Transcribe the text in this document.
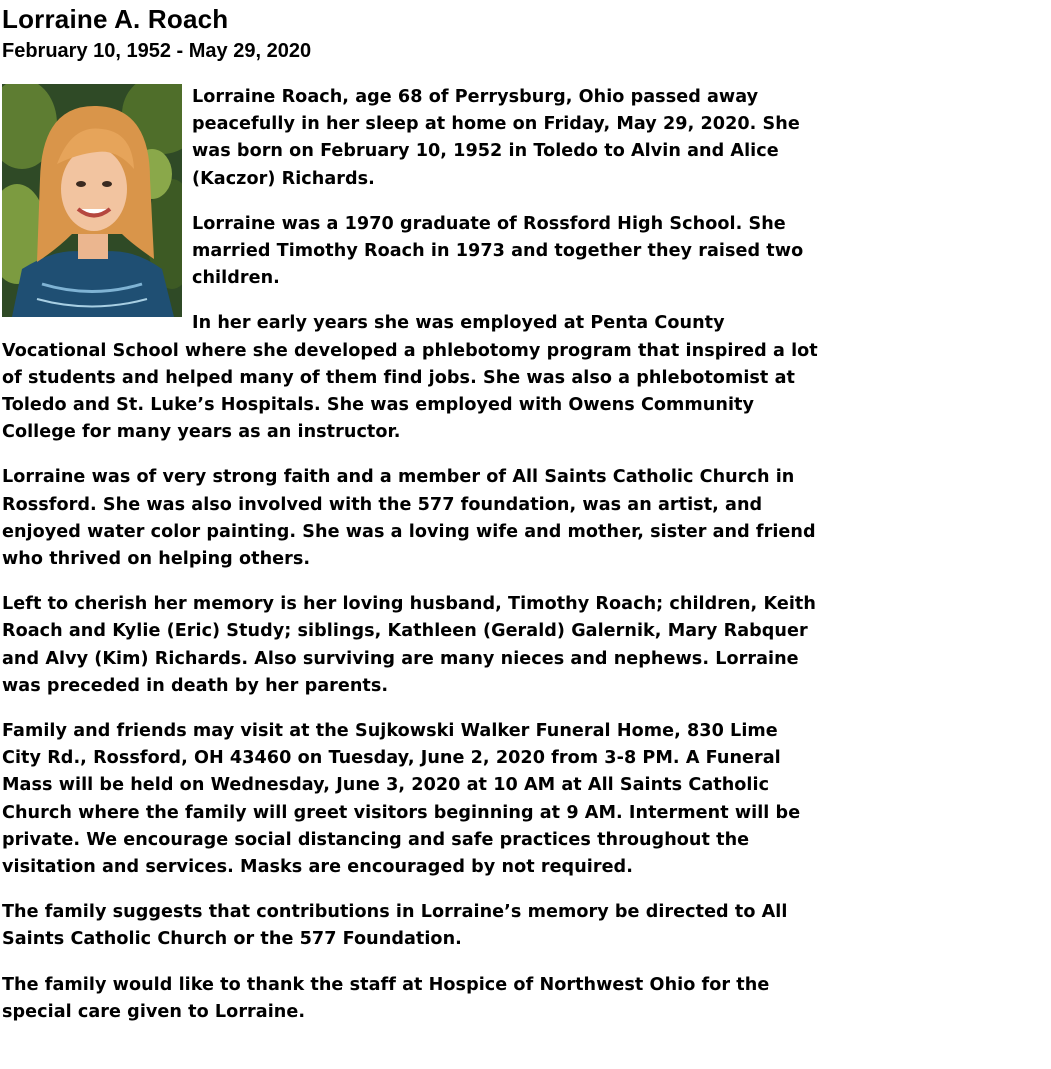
Lorraine A. Roach
February 10, 1952 - May 29, 2020

Lorraine Roach, age 68 of Perrysburg, Ohio passed away peacefully in her sleep at home on Friday, May 29, 2020. She was born on February 10, 1952 in Toledo to Alvin and Alice (Kaczor) Richards.

Lorraine was a 1970 graduate of Rossford High School. She married Timothy Roach in 1973 and together they raised two children.

In her early years she was employed at Penta County Vocational School where she developed a phlebotomy program that inspired a lot of students and helped many of them find jobs. She was also a phlebotomist at Toledo and St. Luke’s Hospitals. She was employed with Owens Community College for many years as an instructor.

Lorraine was of very strong faith and a member of All Saints Catholic Church in Rossford. She was also involved with the 577 foundation, was an artist, and enjoyed water color painting. She was a loving wife and mother, sister and friend who thrived on helping others.

Left to cherish her memory is her loving husband, Timothy Roach; children, Keith Roach and Kylie (Eric) Study; siblings, Kathleen (Gerald) Galernik, Mary Rabquer and Alvy (Kim) Richards. Also surviving are many nieces and nephews. Lorraine was preceded in death by her parents.

Family and friends may visit at the Sujkowski Walker Funeral Home, 830 Lime City Rd., Rossford, OH 43460 on Tuesday, June 2, 2020 from 3-8 PM. A Funeral Mass will be held on Wednesday, June 3, 2020 at 10 AM at All Saints Catholic Church where the family will greet visitors beginning at 9 AM. Interment will be private. We encourage social distancing and safe practices throughout the visitation and services. Masks are encouraged by not required.

The family suggests that contributions in Lorraine’s memory be directed to All Saints Catholic Church or the 577 Foundation.

The family would like to thank the staff at Hospice of Northwest Ohio for the special care given to Lorraine.
